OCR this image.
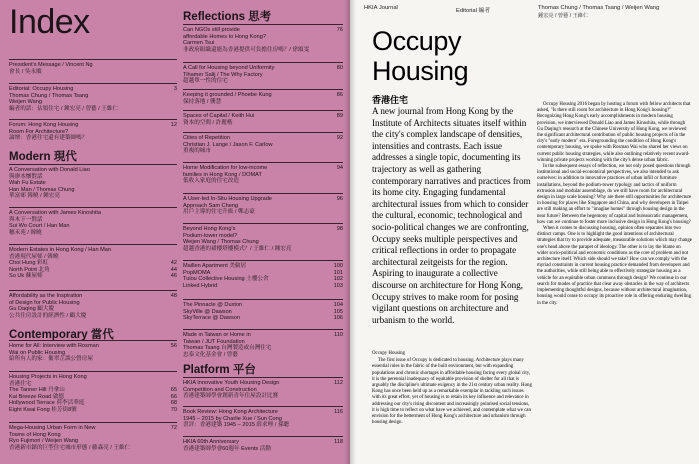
Index
President's Message / Vincent Ng
會長 / 吳永順
Editorial: Occupy Housing
Thomas Chung / Thomas Tsang
Weijen Wang
編者的話：佔領住宅 / 鍾宏亮 / 曾藝 / 王維仁
3
Forum: Hong Kong Housing
Room For Architecture?
論壇：香港住宅還有建築師嗎？
12
Modern 現代
A Conversation with Donald Liao
與廖本懷對話
Wah Fu Estate
Han Man / Thomas Chung
華富邨 韓曉 / 鍾宏亮
A Conversation with James Kinoshita
與木下一對話
Sui Wo Court / Han Man
穗禾苑 / 韓曉
Modern Estates in Hong Kong / Han Man
香港現代屋邨 / 韓曉
Choi Hung 彩虹
North Point 北角
So Uk 蘇屋邨

42
44
46
Affordability as the Inspiration
of Design for Public Housing
Gu Daqing 顧大慶
公共住房設計的經濟性 / 顧大慶
48
Contemporary 當代
Home for All: Interview with Rosman
Wai on Public Housing
給所有人的家：衛翠芷談公營房屋
56
Housing Projects in Hong Kong
香港住宅
The Tanner Hill 丹拿山
Kai Breeze Road 啟德
Hollywood Terrace 荷李活華庭
Eight Kwai Fong 桂芳街8號

65
66
68
70
Mega-Housing Urban Form in New
Towns of Hong Kong
Ryo Fujimori / Weijen Wang
香港新市鎮的巨型住宅城市形態 / 藤森亮 / 王維仁
72
Reflections 思考
Can NGOs still provide
affordable Homes to Hong Kong?
Carmen Tsui
非政府組織還能為香港提供可負擔住房嗎？/ 徐頌雯
76
A Call for Housing beyond Uniformity
Tihamer Salij / The Why Factory
超越單一性的住宅
80
Keeping it grounded / Phoebe Kung
保持落地 / 龔慧
86
Spaces of Capital / Keith Hui
資本的空間 / 許麗楷
89
Cities of Repetition
Christian J. Lange / Jason F. Carlow
重複的城市
92
Home Modification for low-income
families in Hong Kong / DOMAT
低收入家庭的住宅改造
94
A User-led In-Situ Housing Upgrade
Approach Sam Cheng
用戶主導的住宅升級 / 鄭志豪
96
Beyond Hong Kong's
Podium-tower model?
Weijen Wang / Thomas Chung
超越香港的裙樓塔樓模式？/ 王維仁 / 鍾宏亮
98
Maillen Apartment 美倫居
PopMOMA
Tulou Collective Housing 土樓公舍
Linked Hybrid
100
101
102
103
The Pinnacle @ Duxton
SkyVille @ Dawson
SkyTerrace @ Dawson
104
105
106
Made in Taiwan or Home in
Taiwan / JUT Foundation
Thomas Tsang 台灣製造或台灣住宅
忠泰文化基金會 / 曾藝
110
Platform 平台
HKIA Innovative Youth Housing Design
Competition and Construction
香港建築師學會創新青年住屋設計比賽
112
Book Review: Hong Kong Architecture
1945 – 2015 by Charlie Xue / Sun Cong
書評：香港建築 1945 – 2015 薛求理 / 孫聰
116
HKIA 60th Anniversary
香港建築師學會60週年 Events 活動
118
HKIA Journal	Editorial 編者	Thomas Chung / Thomas Tsang / Weijen Wang
鍾宏亮 / 曾藝 / 王維仁
Occupy Housing
香港住宅

A new journal from Hong Kong by the Institute of Architects situates itself within the city's complex landscape of densities, intensities and contrasts. Each issue addresses a single topic, documenting its trajectory as well as gathering contemporary narratives and practices from its home city. Engaging fundamental architectural issues from which to consider the cultural, economic, technological and socio-political changes we are confronting, Occupy seeks multiple perspectives and critical reflections in order to propagate architectural zeitgeists for the region. Aspiring to inaugurate a collective discourse on architecture for Hong Kong, Occupy strives to make room for posing vigilant questions on architecture and urbanism to the world.

Occupy Housing

The first issue of Occupy is dedicated to housing. Architecture plays many essential roles in the fabric of the built environment, but with expanding populations and chronic shortages in affordable housing facing every global city, it is the perennial inadequacy of equitable provision of shelter for all that is arguably the discipline's ultimate exigency in the 21st century urban reality. Hong Kong has once been held up as a remarkable exemplar in tackling such issues with its great effort, yet of housing is to retain its key influence and relevance in addressing our city's rising discontent and increasingly polarised social tensions, it is high time to reflect on what have we achieved, and contemplate what we can envision for the betterment of Hong Kong's architecture and urbanism through housing design.

Occupy Housing 2016 began by hosting a forum with fellow architects that asked, "Is there still room for architecture in Hong Kong's housing?" Recognizing Hong Kong's early accomplishments in modern housing provision, we interviewed Donald Liao and James Kinoshita, while through Gu Daqing's research at the Chinese University of Hong Kong, we reviewed the significant architectural contribution of public housing projects of in the city's "early modern" era. Foregrounding the condition of Hong Kong's contemporary housing, we spoke with Rosman Wai who shared her views on current public housing strategies, while also outlining relatively recent award-winning private projects working with the city's dense urban fabric.

In the subsequent essays of reflection, we not only posed questions through institutional and social-economical perspectives, we also intended to ask ourselves: in addition to innovative practices of urban infill or furniture installations, beyond the podium-tower typology and tactics of uniform extrusion and modular assemblage, do we still have room for architectural design in large scale housing? Why are there still opportunities for architecture in housing for places like Singapore and China, and why developers in Taipei are still making an effort to "imagine homes" through housing design in the near future? Between the hegemony of capital and bureaucratic management, how can we continue to foster more inclusive design in Hong Kong's housing?

When it comes to discussing housing, opinion often separates into two distinct camps. One is to highlight the good intentions of architectural strategies that try to provide adequate, measurable solutions which may change one's head above the parapet of ideology. The other is to lay the blame on wider socio-political and economic conditions as the core of problem and not architecture itself. Which side should we take? How can we comply with the myriad constraints in current housing practice demanded from developers and the authorities, while still being able to effectively strategize housing as a vehicle for an equitable urban commons through design? We continue in our search for modes of practice that clear away obstacles in the way of architects implementing thoughtful designs, because without architectural imagination, housing would cease to occupy its proactive role in offering enduring dwelling in the city.
